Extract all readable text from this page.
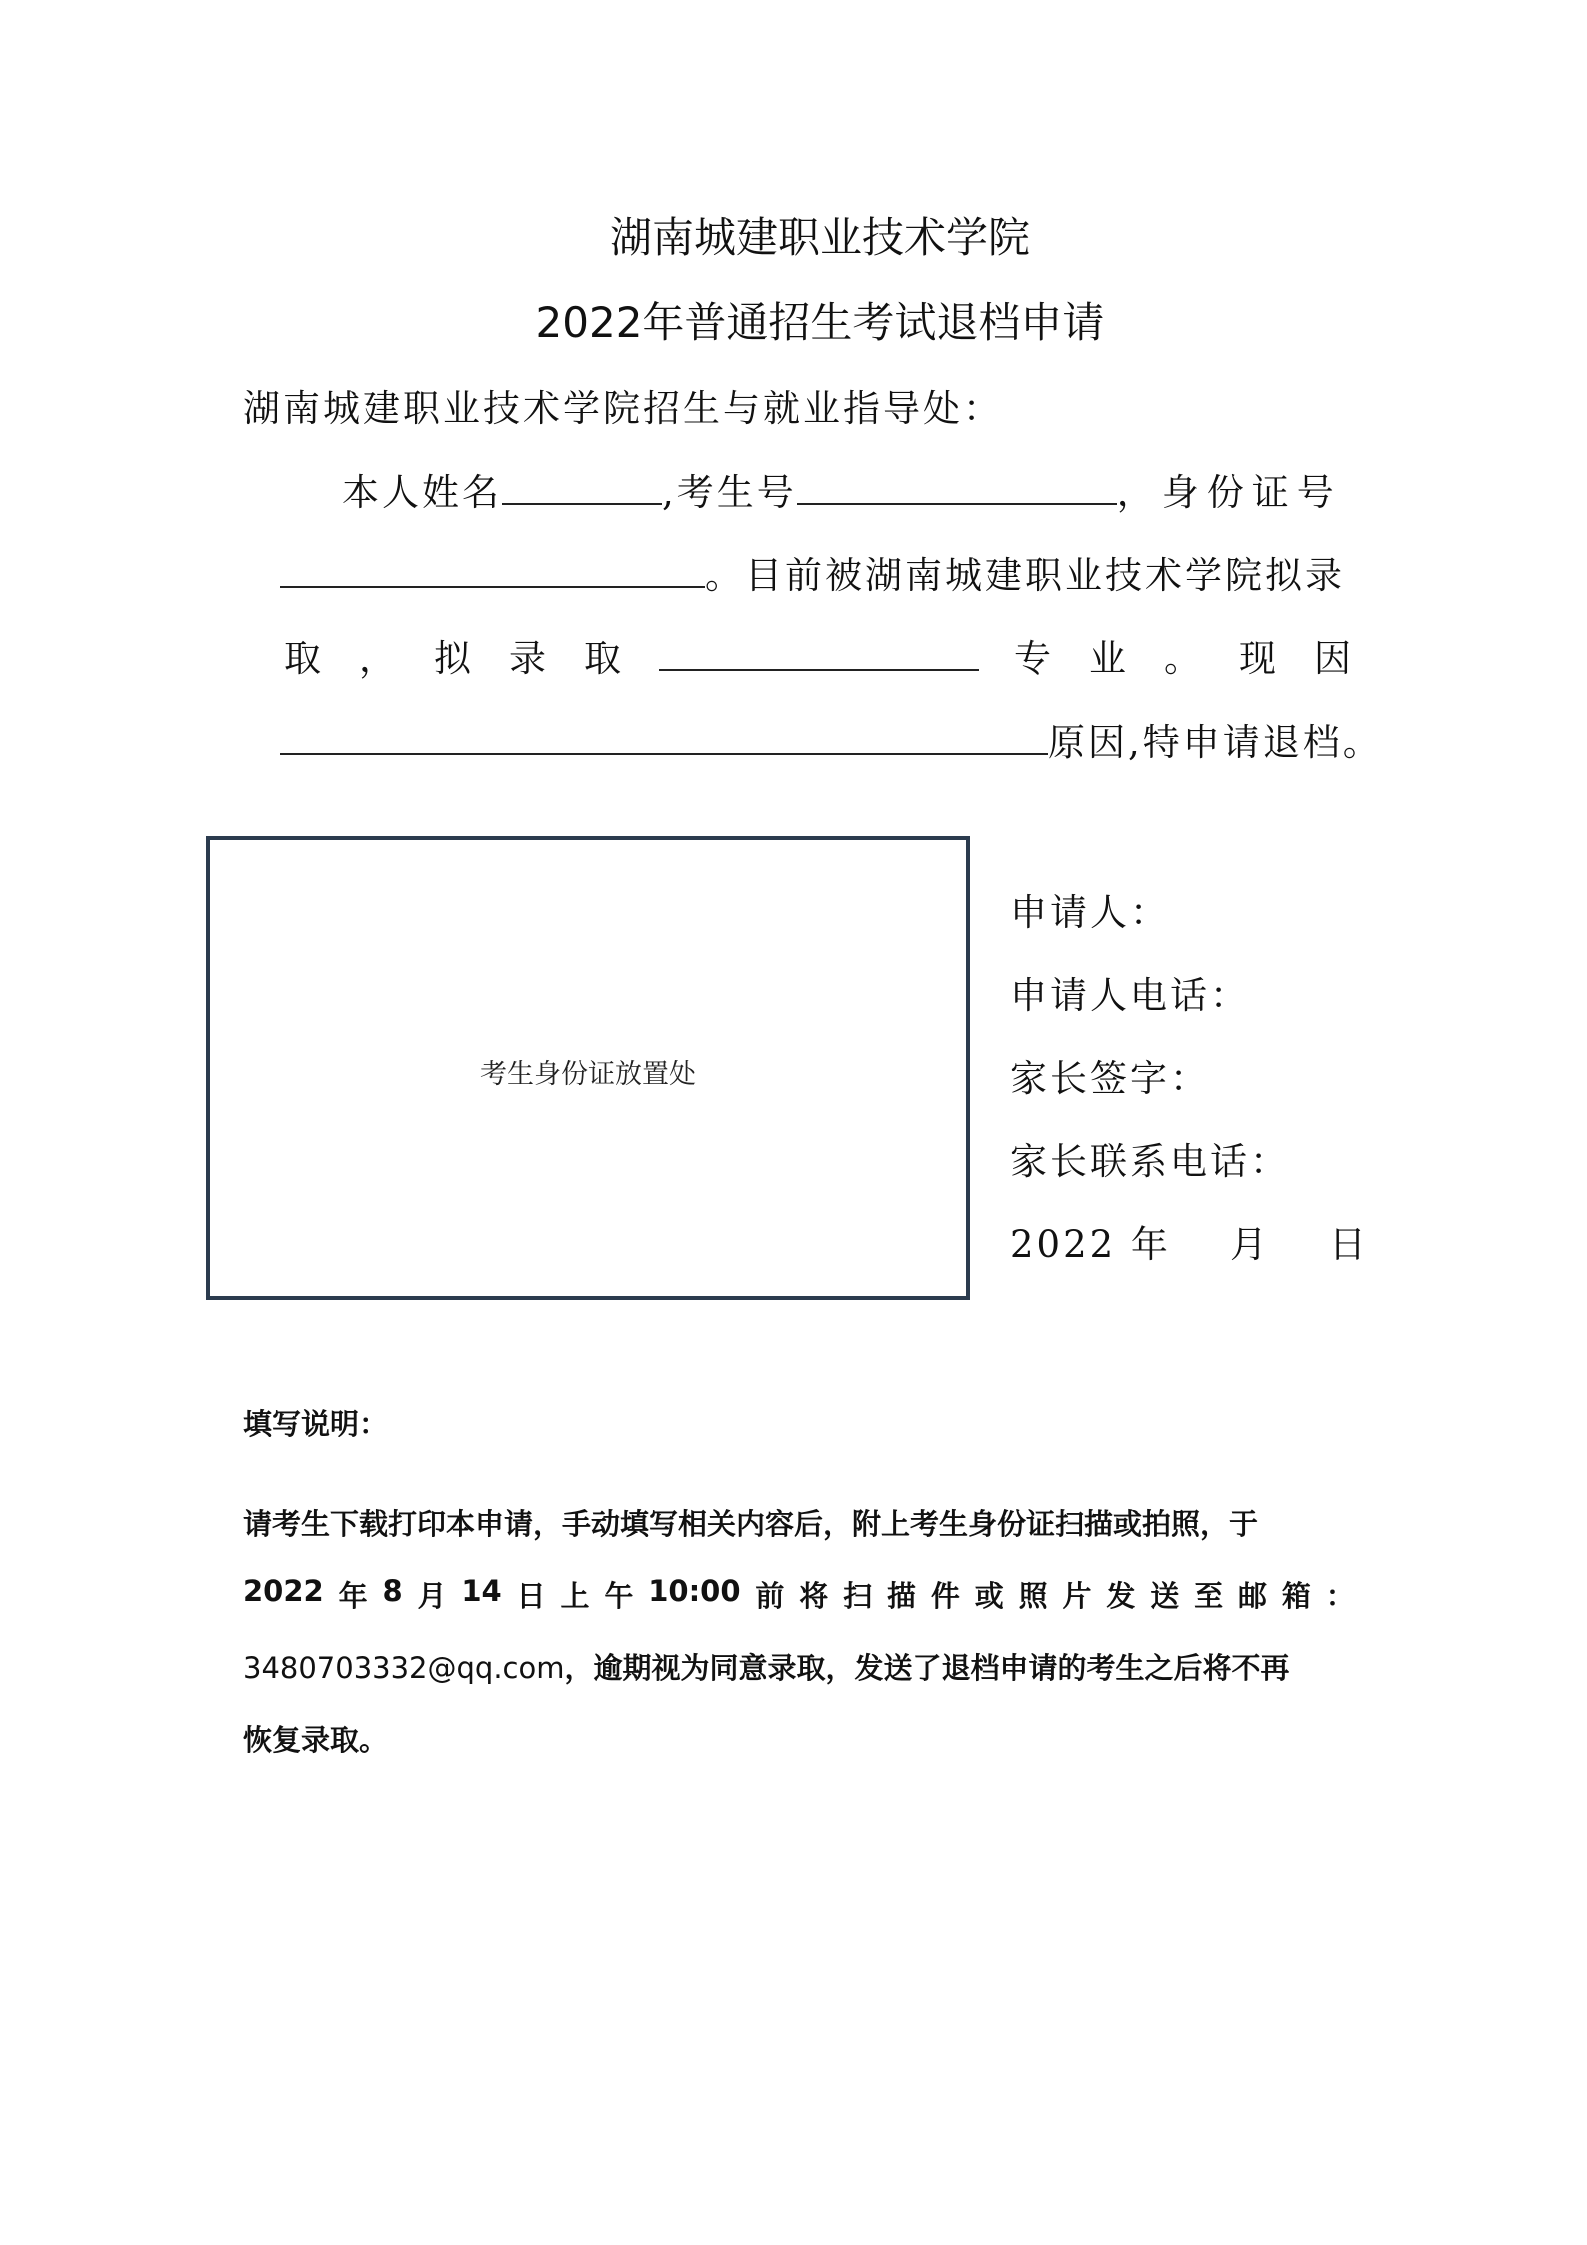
湖南城建职业技术学院
2022年普通招生考试退档申请
湖南城建职业技术学院招生与就业指导处：
本人姓名	,考生号	，身份证号
。目前被湖南城建职业技术学院拟录
取 ， 拟 录 取	专 业 。 现 因
原因,特申请退档。
考生身份证放置处
申请人：
申请人电话：
家长签字：
家长联系电话：
2022 年    月    日
填写说明：
请考生下载打印本申请，手动填写相关内容后，附上考生身份证扫描或拍照，于
2022 年 8 月 14 日 上 午 10:00 前 将 扫 描 件 或 照 片 发 送 至 邮 箱 ：
3480703332@qq.com，逾期视为同意录取，发送了退档申请的考生之后将不再
恢复录取。
